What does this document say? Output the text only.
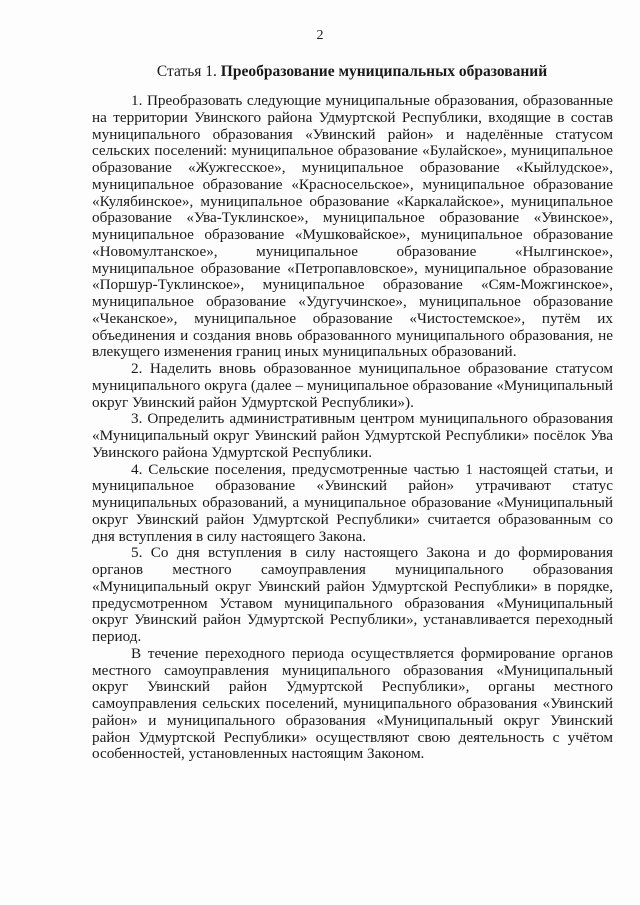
2
Статья 1. Преобразование муниципальных образований

1. Преобразовать следующие муниципальные образования, образованные на территории Увинского района Удмуртской Республики, входящие в состав муниципального образования «Увинский район» и наделённые статусом сельских поселений: муниципальное образование «Булайское», муниципальное образование «Жужгесское», муниципальное образование «Кыйлудское», муниципальное образование «Красносельское», муниципальное образование «Кулябинское», муниципальное образование «Каркалайское», муниципальное образование «Ува-Туклинское», муниципальное образование «Увинское», муниципальное образование «Мушковайское», муниципальное образование «Новомултанское», муниципальное образование «Нылгинское», муниципальное образование «Петропавловское», муниципальное образование «Поршур-Туклинское», муниципальное образование «Сям-Можгинское», муниципальное образование «Удугучинское», муниципальное образование «Чеканское», муниципальное образование «Чистостемское», путём их объединения и создания вновь образованного муниципального образования, не влекущего изменения границ иных муниципальных образований.

2. Наделить вновь образованное муниципальное образование статусом муниципального округа (далее – муниципальное образование «Муниципальный округ Увинский район Удмуртской Республики»).

3. Определить административным центром муниципального образования «Муниципальный округ Увинский район Удмуртской Республики» посёлок Ува Увинского района Удмуртской Республики.

4. Сельские поселения, предусмотренные частью 1 настоящей статьи, и муниципальное образование «Увинский район» утрачивают статус муниципальных образований, а муниципальное образование «Муниципальный округ Увинский район Удмуртской Республики» считается образованным со дня вступления в силу настоящего Закона.

5. Со дня вступления в силу настоящего Закона и до формирования органов местного самоуправления муниципального образования «Муниципальный округ Увинский район Удмуртской Республики» в порядке, предусмотренном Уставом муниципального образования «Муниципальный округ Увинский район Удмуртской Республики», устанавливается переходный период.

В течение переходного периода осуществляется формирование органов местного самоуправления муниципального образования «Муниципальный округ Увинский район Удмуртской Республики», органы местного самоуправления сельских поселений, муниципального образования «Увинский район» и муниципального образования «Муниципальный округ Увинский район Удмуртской Республики» осуществляют свою деятельность с учётом особенностей, установленных настоящим Законом.
